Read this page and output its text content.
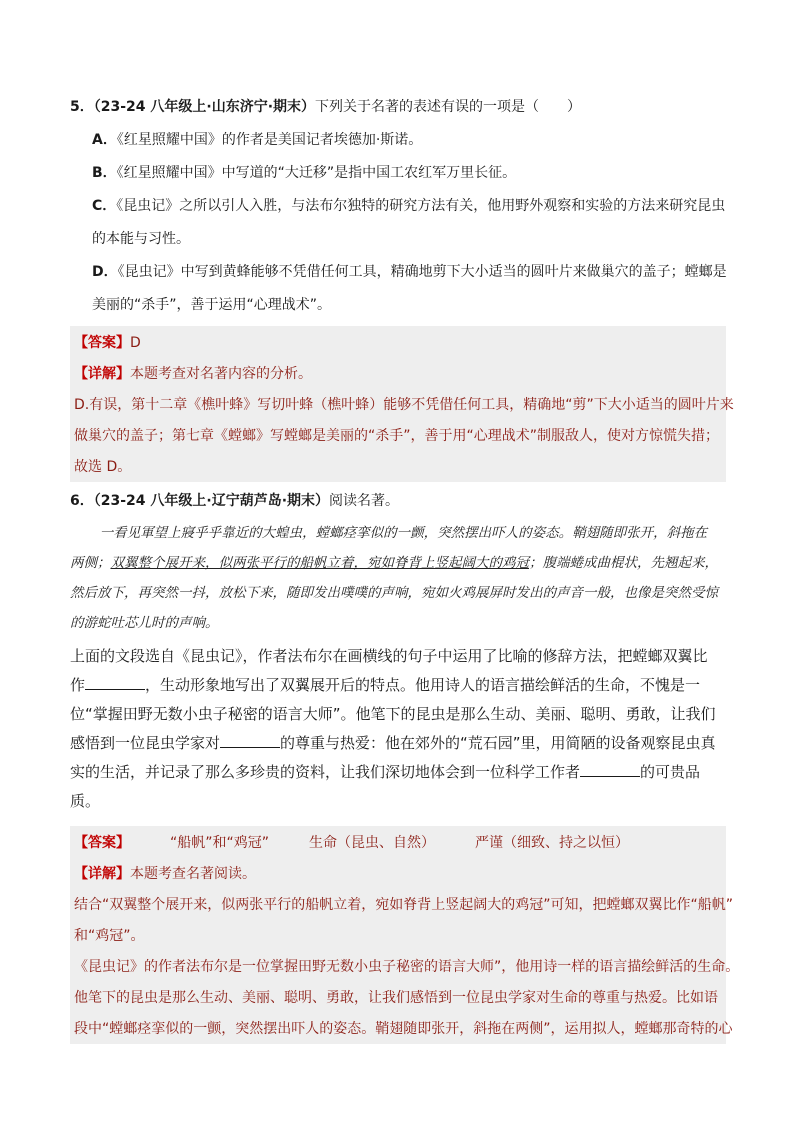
5．（23-24 八年级上·山东济宁·期末）下列关于名著的表述有误的一项是（　　）
A．《红星照耀中国》的作者是美国记者埃德加·斯诺。
B．《红星照耀中国》中写道的“大迁移”是指中国工农红军万里长征。
C．《昆虫记》之所以引人入胜，与法布尔独特的研究方法有关，他用野外观察和实验的方法来研究昆虫
的本能与习性。
D．《昆虫记》中写到黄蜂能够不凭借任何工具，精确地剪下大小适当的圆叶片来做巢穴的盖子；螳螂是
美丽的“杀手”，善于运用“心理战术”。
【答案】D
【详解】本题考查对名著内容的分析。
D.有误，第十二章《樵叶蜂》写切叶蜂（樵叶蜂）能够不凭借任何工具，精确地“剪”下大小适当的圆叶片来
做巢穴的盖子；第七章《螳螂》写螳螂是美丽的“杀手”，善于用“心理战术”制服敌人，使对方惊慌失措；
故选 D。
6．（23-24 八年级上·辽宁葫芦岛·期末）阅读名著。
一看见軍望上寢乎乎靠近的大蝗虫，螳螂痉挛似的一颤，突然摆出吓人的姿态。鞘翅随即张开，斜拖在两侧；双翼整个展开来，似两张平行的船帆立着，宛如脊背上竖起阔大的鸡冠；腹端蜷成曲棍状，先翘起来，然后放下，再突然一抖，放松下来，随即发出噗噗的声响，宛如火鸡展屏时发出的声音一般，也像是突然受惊的游蛇吐芯儿时的声响。
上面的文段选自《昆虫记》，作者法布尔在画横线的句子中运用了比喻的修辞方法，把螳螂双翼比
作	，生动形象地写出了双翼展开后的特点。他用诗人的语言描绘鲜活的生命，不愧是一位“掌握田野无数小虫子秘密的语言大师”。他笔下的昆虫是那么生动、美丽、聪明、勇敢，让我们感悟到一位昆虫学家对	的尊重与热爱：他在郊外的“荒石园”里，用简陋的设备观察昆虫真实的生活，并记录了那么多珍贵的资料，让我们深切地体会到一位科学工作者	的可贵品质。
【答案】	“船帆”和“鸡冠”	生命（昆虫、自然）	严谨（细致、持之以恒）
【详解】本题考查名著阅读。
结合“双翼整个展开来，似两张平行的船帆立着，宛如脊背上竖起阔大的鸡冠”可知，把螳螂双翼比作“船帆”
和“鸡冠”。
《昆虫记》的作者法布尔是一位掌握田野无数小虫子秘密的语言大师”，他用诗一样的语言描绘鲜活的生命。
他笔下的昆虫是那么生动、美丽、聪明、勇敢，让我们感悟到一位昆虫学家对生命的尊重与热爱。比如语
段中“螳螂痉挛似的一颤，突然摆出吓人的姿态。鞘翅随即张开，斜拖在两侧”，运用拟人，螳螂那奇特的心
